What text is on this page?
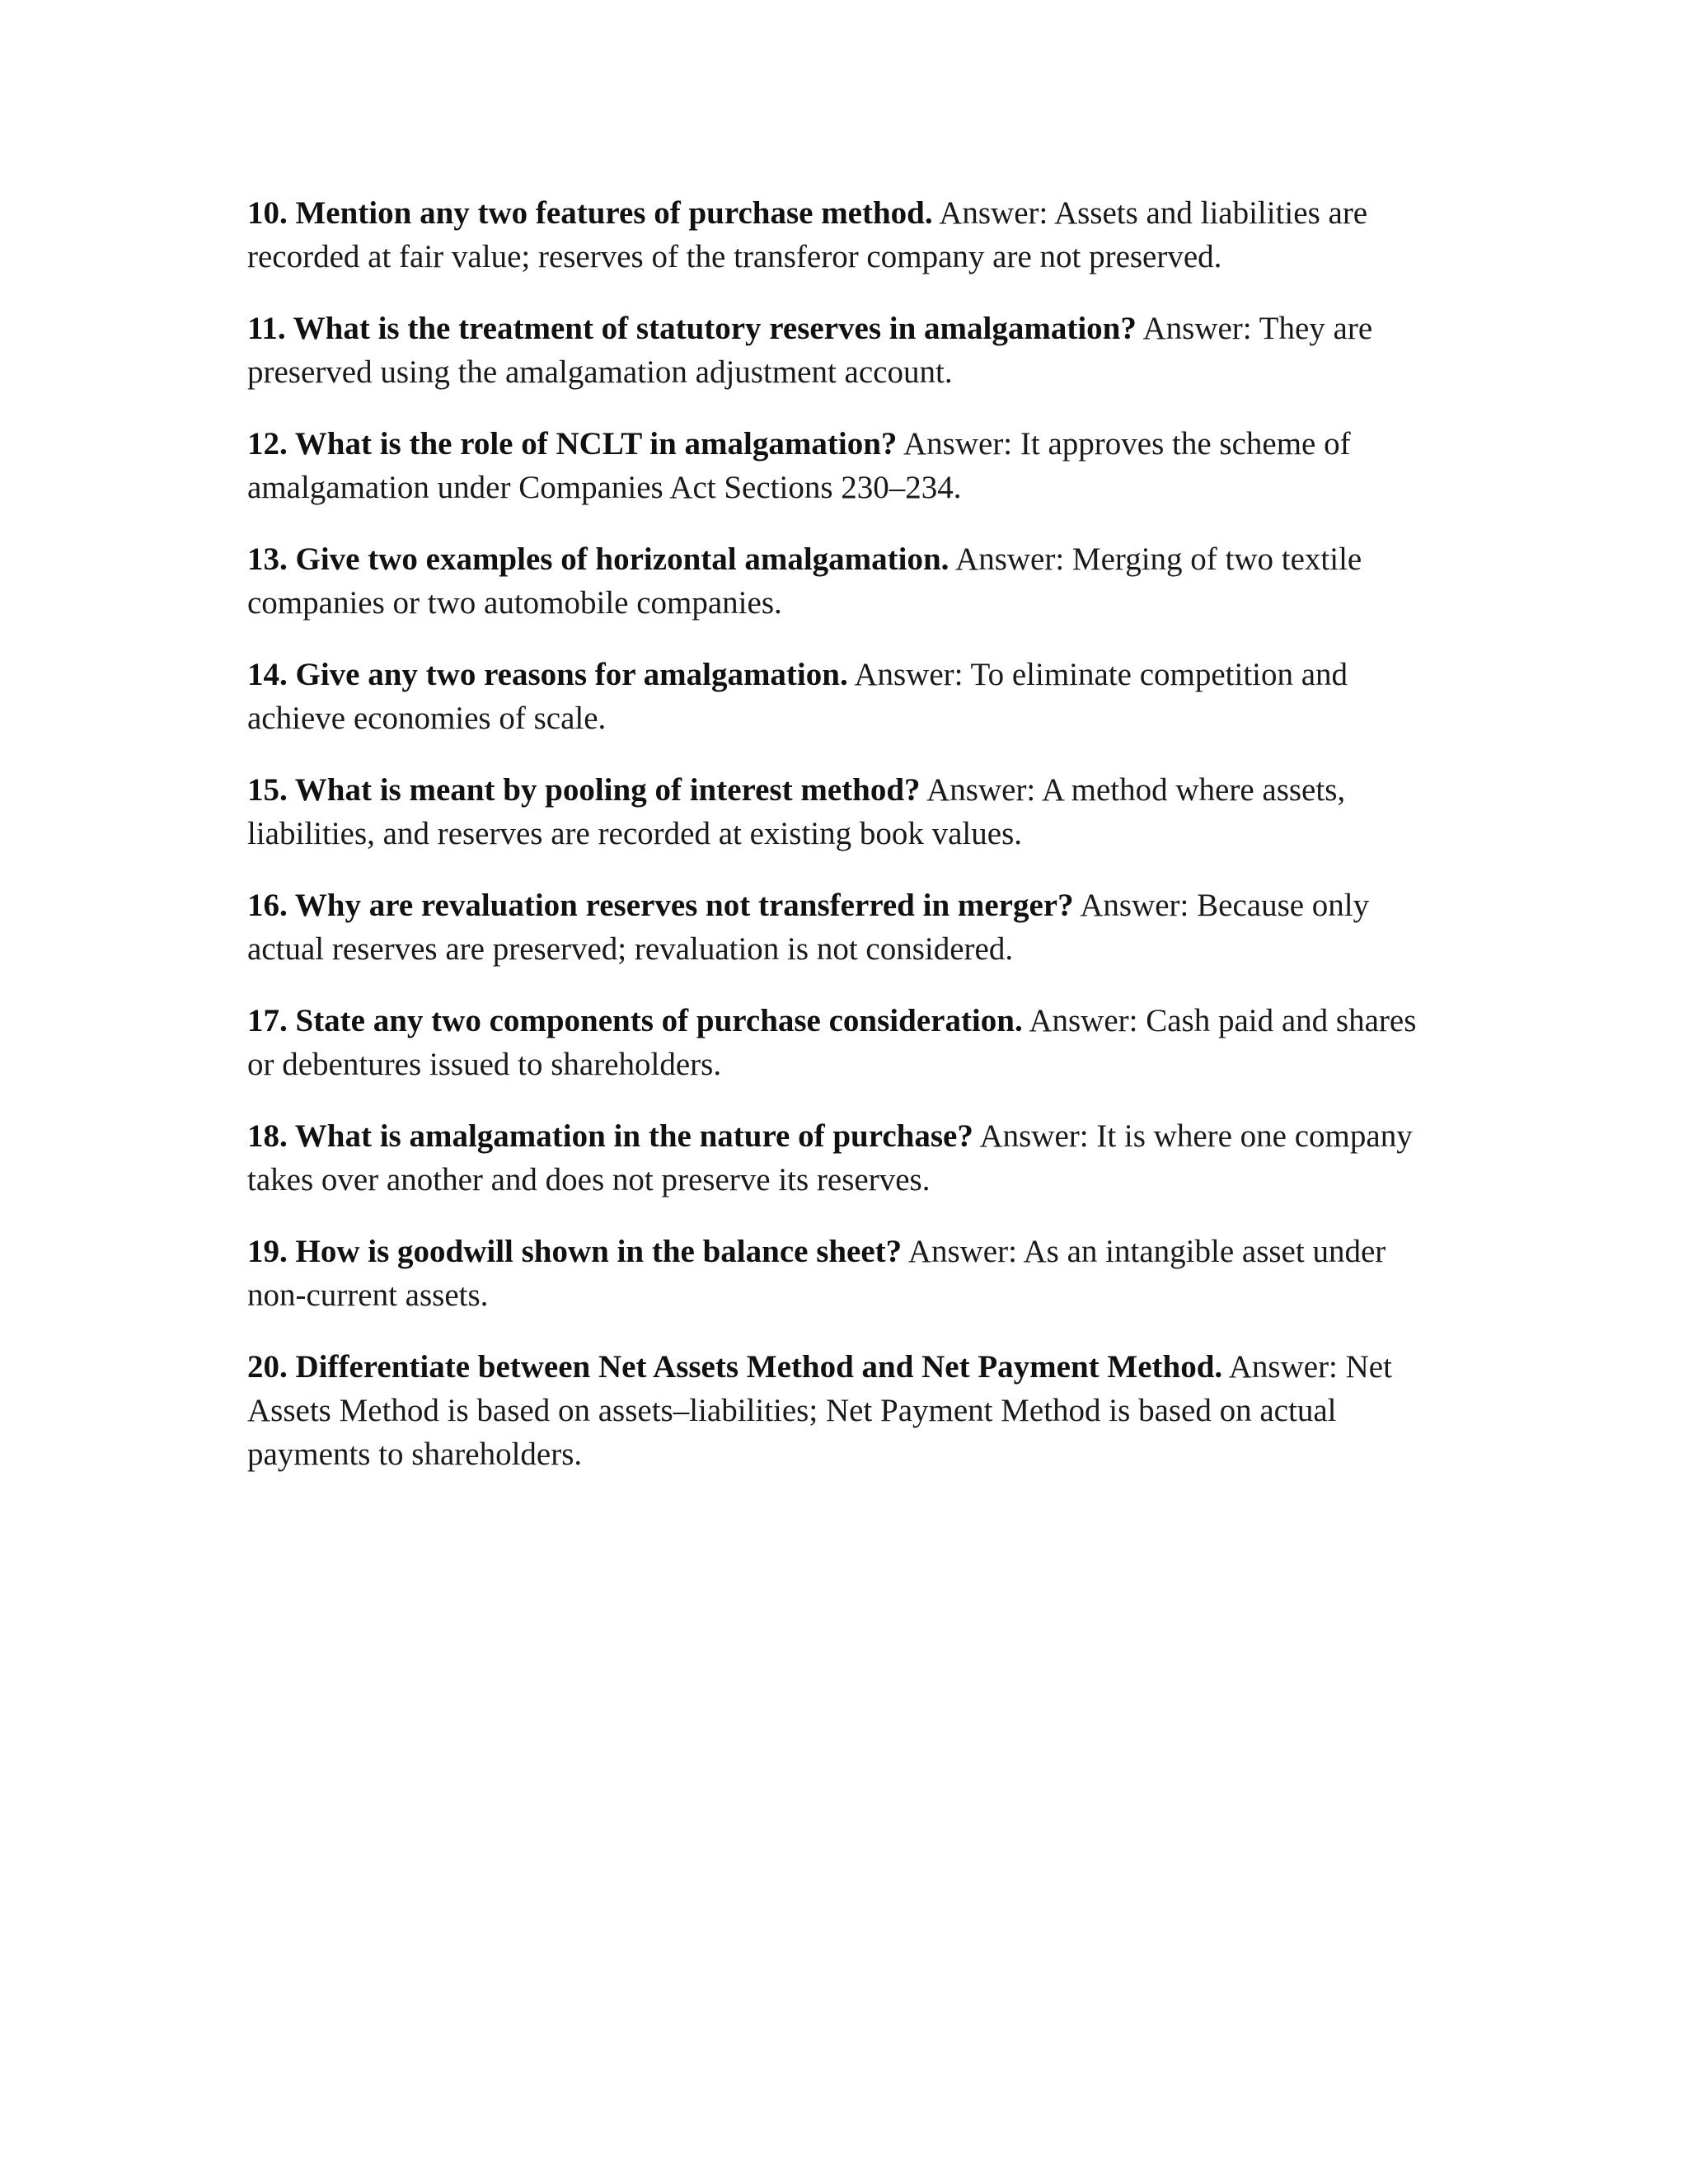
10. Mention any two features of purchase method. Answer: Assets and liabilities are recorded at fair value; reserves of the transferor company are not preserved.

11. What is the treatment of statutory reserves in amalgamation? Answer: They are preserved using the amalgamation adjustment account.

12. What is the role of NCLT in amalgamation? Answer: It approves the scheme of amalgamation under Companies Act Sections 230–234.

13. Give two examples of horizontal amalgamation. Answer: Merging of two textile companies or two automobile companies.

14. Give any two reasons for amalgamation. Answer: To eliminate competition and achieve economies of scale.

15. What is meant by pooling of interest method? Answer: A method where assets, liabilities, and reserves are recorded at existing book values.

16. Why are revaluation reserves not transferred in merger? Answer: Because only actual reserves are preserved; revaluation is not considered.

17. State any two components of purchase consideration. Answer: Cash paid and shares or debentures issued to shareholders.

18. What is amalgamation in the nature of purchase? Answer: It is where one company takes over another and does not preserve its reserves.

19. How is goodwill shown in the balance sheet? Answer: As an intangible asset under non-current assets.

20. Differentiate between Net Assets Method and Net Payment Method. Answer: Net Assets Method is based on assets–liabilities; Net Payment Method is based on actual payments to shareholders.
